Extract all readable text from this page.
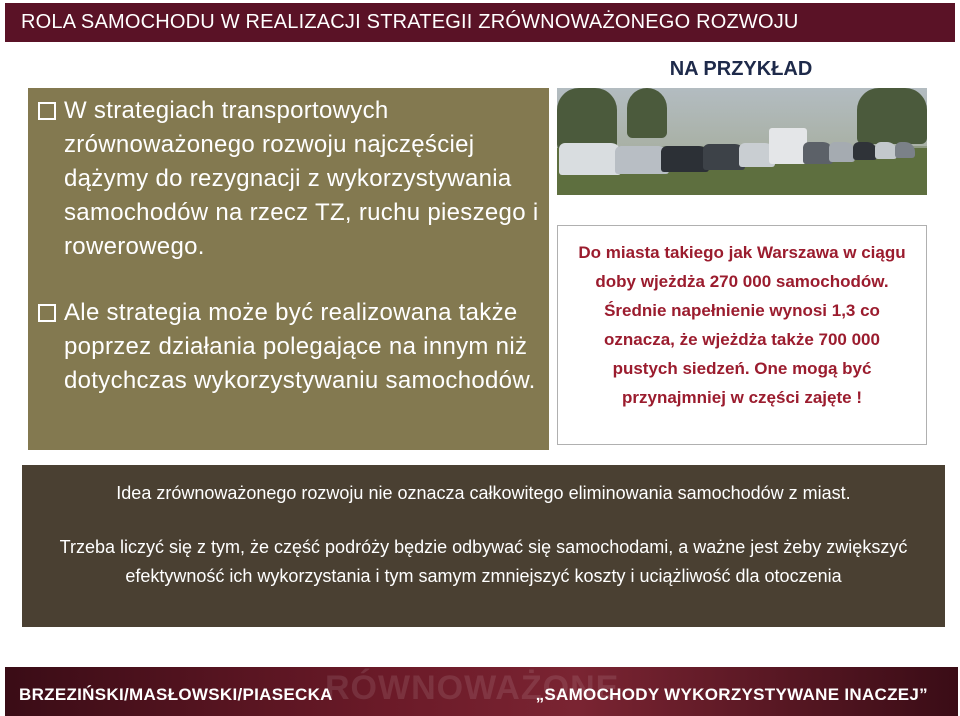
ROLA SAMOCHODU W REALIZACJI STRATEGII ZRÓWNOWAŻONEGO ROZWOJU
W strategiach transportowych zrównoważonego rozwoju najczęściej dążymy do rezygnacji z wykorzystywania samochodów na rzecz TZ, ruchu pieszego i rowerowego.
Ale strategia może być realizowana także poprzez działania polegające na innym niż dotychczas wykorzystywaniu samochodów.
NA PRZYKŁAD
Do miasta takiego jak Warszawa w ciągu doby wjeżdża 270 000 samochodów. Średnie napełnienie wynosi 1,3 co oznacza, że wjeżdża także 700 000 pustych siedzeń. One mogą być przynajmniej w części zajęte !
Idea zrównoważonego rozwoju nie oznacza całkowitego eliminowania samochodów z miast.
Trzeba liczyć się z tym, że część podróży będzie odbywać się samochodami, a ważne jest żeby zwiększyć efektywność ich wykorzystania i tym samym zmniejszyć koszty i uciążliwość dla otoczenia
RÓWNOWAŻONE
BRZEZIŃSKI/MASŁOWSKI/PIASECKA	„SAMOCHODY WYKORZYSTYWANE INACZEJ”
